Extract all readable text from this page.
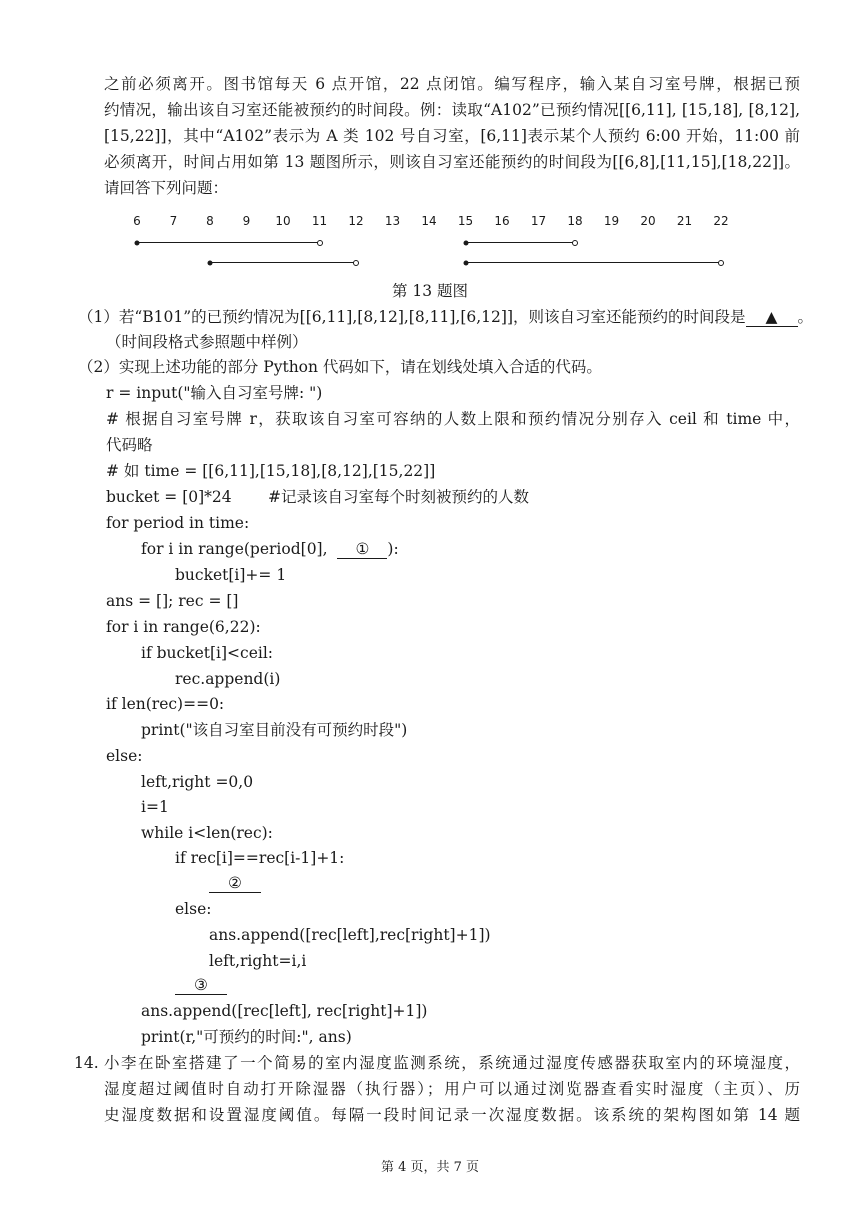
之前必须离开。图书馆每天 6 点开馆，22 点闭馆。编写程序，输入某自习室号牌，根据已预
约情况，输出该自习室还能被预约的时间段。例：读取“A102”已预约情况[[6,11], [15,18], [8,12],
[15,22]]，其中“A102”表示为 A 类 102 号自习室，[6,11]表示某个人预约 6:00 开始，11:00 前
必须离开，时间占用如第 13 题图所示，则该自习室还能预约的时间段为[[6,8],[11,15],[18,22]]。
请回答下列问题：
6 7 8 9 10 11 12 13 14 15 16 17 18 19 20 21 22
第 13 题图
（1）若“B101”的已预约情况为[[6,11],[8,12],[8,11],[6,12]]，则该自习室还能预约的时间段是 ▲ 。
（时间段格式参照题中样例）
（2）实现上述功能的部分 Python 代码如下，请在划线处填入合适的代码。
r = input("输入自习室号牌: ")
# 根据自习室号牌 r，获取该自习室可容纳的人数上限和预约情况分别存入 ceil 和 time 中，
代码略
# 如 time = [[6,11],[15,18],[8,12],[15,22]]
bucket = [0]*24 #记录该自习室每个时刻被预约的人数
for period in time:
for i in range(period[0], ① ):
bucket[i]+= 1
ans = []; rec = []
for i in range(6,22):
if bucket[i]<ceil:
rec.append(i)
if len(rec)==0:
print("该自习室目前没有可预约时段")
else:
left,right =0,0
i=1
while i<len(rec):
if rec[i]==rec[i-1]+1:
②
else:
ans.append([rec[left],rec[right]+1])
left,right=i,i
③
ans.append([rec[left], rec[right]+1])
print(r,"可预约的时间:", ans)
14. 小李在卧室搭建了一个简易的室内湿度监测系统，系统通过湿度传感器获取室内的环境湿度，
湿度超过阈值时自动打开除湿器（执行器）；用户可以通过浏览器查看实时湿度（主页）、历
史湿度数据和设置湿度阈值。每隔一段时间记录一次湿度数据。该系统的架构图如第 14 题
第 4 页，共 7 页
